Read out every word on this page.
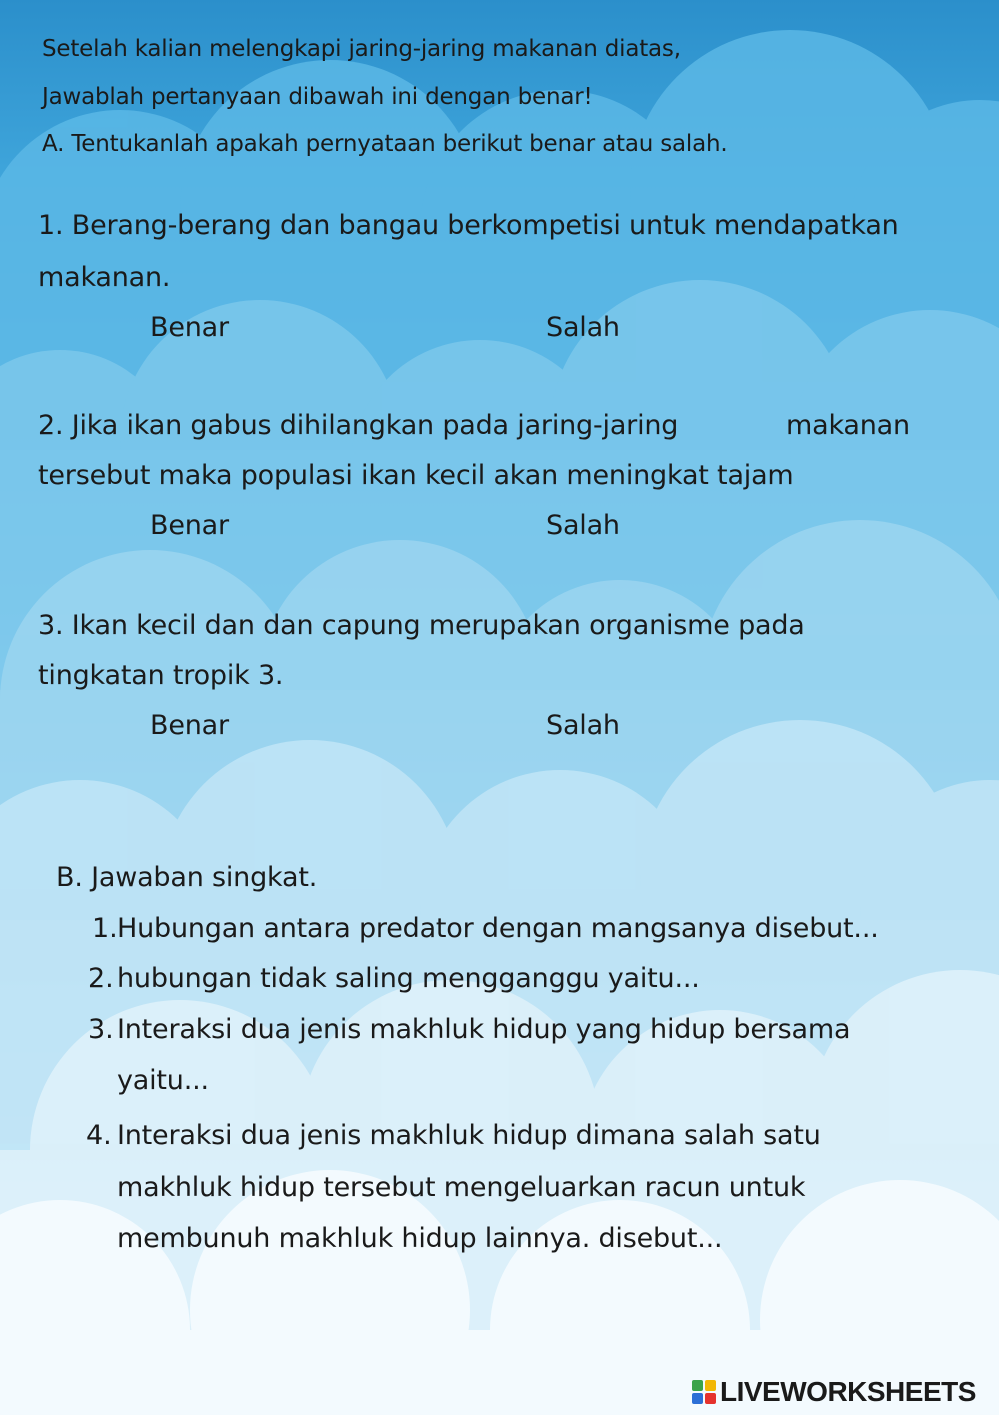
Setelah kalian melengkapi jaring-jaring makanan diatas,
Jawablah pertanyaan dibawah ini dengan benar!
A. Tentukanlah apakah pernyataan berikut benar atau salah.
1. Berang-berang dan bangau berkompetisi untuk mendapatkan
makanan.
Benar	Salah
2. Jika ikan gabus dihilangkan pada jaring-jaring	makanan
tersebut maka populasi ikan kecil akan meningkat tajam
Benar	Salah
3. Ikan kecil dan dan capung merupakan organisme pada
tingkatan tropik 3.
Benar	Salah
B. Jawaban singkat.
1. Hubungan antara predator dengan mangsanya disebut...
2. hubungan tidak saling mengganggu yaitu...
3. Interaksi dua jenis makhluk hidup yang hidup bersama
yaitu...
4. Interaksi dua jenis makhluk hidup dimana salah satu
makhluk hidup tersebut mengeluarkan racun untuk
membunuh makhluk hidup lainnya. disebut...
LIVEWORKSHEETS
